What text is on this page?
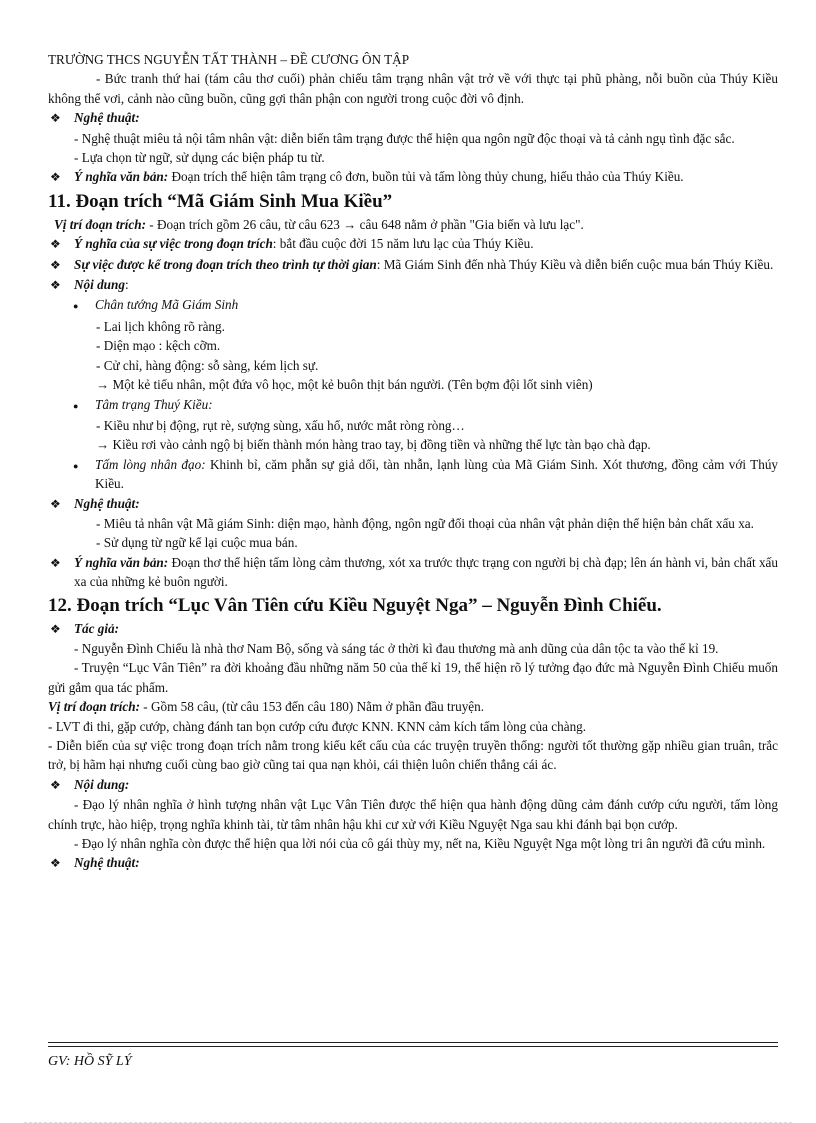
TRƯỜNG THCS NGUYỄN TẤT THÀNH – ĐỀ CƯƠNG ÔN TẬP

- Bức tranh thứ hai (tám câu thơ cuối) phản chiếu tâm trạng nhân vật trở về với thực tại phũ phàng, nỗi buồn của Thúy Kiều không thể vơi, cảnh nào cũng buồn, cũng gợi thân phận con người trong cuộc đời vô định.

❖	Nghệ thuật:

- Nghệ thuật miêu tả nội tâm nhân vật: diễn biến tâm trạng được thể hiện qua ngôn ngữ độc thoại và tả cảnh ngụ tình đặc sắc.

- Lựa chọn từ ngữ, sử dụng các biện pháp tu từ.

❖	Ý nghĩa văn bản: Đoạn trích thể hiện tâm trạng cô đơn, buồn tủi và tấm lòng thủy chung, hiếu thảo của Thúy Kiều.
11. Đoạn trích “Mã Giám Sinh Mua Kiều”

Vị trí đoạn trích: - Đoạn trích gồm 26 câu, từ câu 623 → câu 648 nằm ở phần "Gia biến và lưu lạc".

❖	Ý nghĩa của sự việc trong đoạn trích: bắt đầu cuộc đời 15 năm lưu lạc của Thúy Kiều.
❖	Sự việc được kể trong đoạn trích theo trình tự thời gian: Mã Giám Sinh đến nhà Thúy Kiều và diễn biến cuộc mua bán Thúy Kiều.
❖	Nội dung:
●	Chân tướng Mã Giám Sinh

- Lai lịch không rõ ràng.

- Diện mạo : kệch cỡm.

- Cử chỉ, hàng động: sỗ sàng, kém lịch sự.

→ Một kẻ tiểu nhân, một đứa vô học, một kẻ buôn thịt bán người. (Tên bợm đội lốt sinh viên)

●	Tâm trạng Thuý Kiều:

- Kiều như bị động, rụt rè, sượng sùng, xấu hổ, nước mắt ròng ròng…

→ Kiều rơi vào cảnh ngộ bị biến thành món hàng trao tay, bị đồng tiền và những thế lực tàn bạo chà đạp.

●	Tấm lòng nhân đạo: Khinh bỉ, căm phẫn sự giả dối, tàn nhẫn, lạnh lùng của Mã Giám Sinh. Xót thương, đồng cảm với Thúy Kiều.
❖	Nghệ thuật:

- Miêu tả nhân vật Mã giám Sinh: diện mạo, hành động, ngôn ngữ đối thoại của nhân vật phản diện thể hiện bản chất xấu xa.

- Sử dụng từ ngữ kể lại cuộc mua bán.

❖	Ý nghĩa văn bản: Đoạn thơ thể hiện tấm lòng cảm thương, xót xa trước thực trạng con người bị chà đạp; lên án hành vi, bản chất xấu xa của những kẻ buôn người.
12. Đoạn trích “Lục Vân Tiên cứu Kiều Nguyệt Nga” – Nguyễn Đình Chiểu.
❖	Tác giả:

- Nguyễn Đình Chiểu là nhà thơ Nam Bộ, sống và sáng tác ở thời kì đau thương mà anh dũng của dân tộc ta vào thế kỉ 19.

- Truyện “Lục Vân Tiên” ra đời khoảng đầu những năm 50 của thế kỉ 19, thể hiện rõ lý tưởng đạo đức mà Nguyễn Đình Chiểu muốn gửi gắm qua tác phẩm.

Vị trí đoạn trích: - Gồm 58 câu, (từ câu 153 đến câu 180) Nằm ở phần đầu truyện.

- LVT đi thi, gặp cướp, chàng đánh tan bọn cướp cứu được KNN. KNN cảm kích tấm lòng của chàng.

- Diễn biến của sự việc trong đoạn trích nằm trong kiểu kết cấu của các truyện truyền thống: người tốt thường gặp nhiều gian truân, trắc trở, bị hãm hại nhưng cuối cùng bao giờ cũng tai qua nạn khỏi, cái thiện luôn chiến thắng cái ác.

❖	Nội dung:

- Đạo lý nhân nghĩa ở hình tượng nhân vật Lục Vân Tiên được thể hiện qua hành động dũng cảm đánh cướp cứu người, tấm lòng chính trực, hào hiệp, trọng nghĩa khinh tài, từ tâm nhân hậu khi cư xử với Kiều Nguyệt Nga sau khi đánh bại bọn cướp.

- Đạo lý nhân nghĩa còn được thể hiện qua lời nói của cô gái thùy my, nết na, Kiều Nguyệt Nga một lòng tri ân người đã cứu mình.

❖	Nghệ thuật:
GV: HỒ SỸ LÝ
